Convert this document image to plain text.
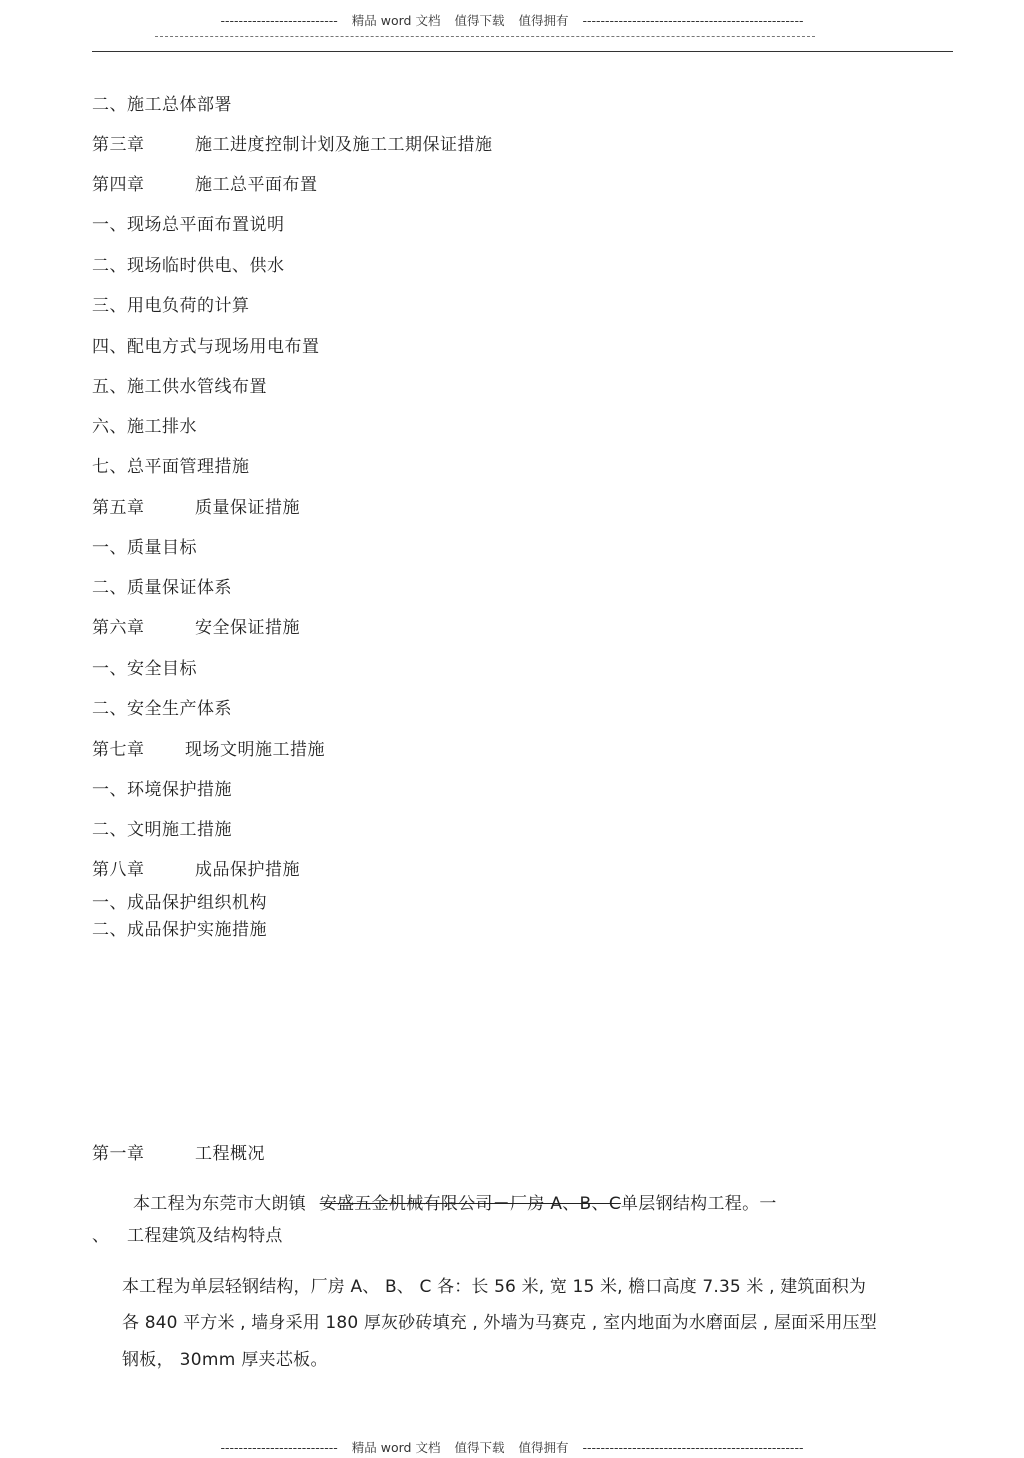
-------------------------- 精品 word 文档 值得下载 值得拥有 -------------------------------------------------
二、施工总体部署
第三章	施工进度控制计划及施工工期保证措施
第四章	施工总平面布置
一、现场总平面布置说明
二、现场临时供电、供水
三、用电负荷的计算
四、配电方式与现场用电布置
五、施工供水管线布置
六、施工排水
七、总平面管理措施
第五章	质量保证措施
一、质量目标
二、质量保证体系
第六章	安全保证措施
一、安全目标
二、安全生产体系
第七章 现场文明施工措施
一、环境保护措施
二、文明施工措施
第八章	成品保护措施
一、成品保护组织机构
二、成品保护实施措施
第一章	工程概况
本工程为东莞市大朗镇 安盛五金机械有限公司－厂房 A、B、C单层钢结构工程。一
、 工程建筑及结构特点
本工程为单层轻钢结构，厂房 A、 B、 C 各：长 56 米, 宽 15 米, 檐口高度 7.35 米 , 建筑面积为
各 840 平方米 , 墙身采用 180 厚灰砂砖填充 , 外墙为马赛克 , 室内地面为水磨面层 , 屋面采用压型
钢板， 30mm 厚夹芯板。
-------------------------- 精品 word 文档 值得下载 值得拥有 -------------------------------------------------
